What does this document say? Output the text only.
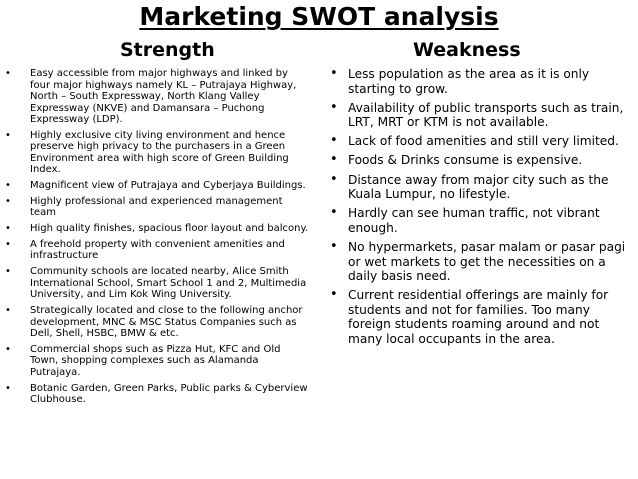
Marketing SWOT analysis
Strength	Weakness
• Easy accessible from major highways and linked by four major highways namely KL – Putrajaya Highway, North – South Expressway, North Klang Valley Expressway (NKVE) and Damansara – Puchong Expressway (LDP).
• Highly exclusive city living environment and hence preserve high privacy to the purchasers in a Green Environment area with high score of Green Building Index.
• Magnificent view of Putrajaya and Cyberjaya Buildings.
• Highly professional and experienced management team
• High quality finishes, spacious floor layout and balcony.
• A freehold property with convenient amenities and infrastructure
• Community schools are located nearby, Alice Smith International School, Smart School 1 and 2, Multimedia University, and Lim Kok Wing University.
• Strategically located and close to the following anchor development, MNC & MSC Status Companies such as Dell, Shell, HSBC, BMW & etc.
• Commercial shops such as Pizza Hut, KFC and Old Town, shopping complexes such as Alamanda Putrajaya.
• Botanic Garden, Green Parks, Public parks & Cyberview Clubhouse.
• Less population as the area as it is only starting to grow.
• Availability of public transports such as train, LRT, MRT or KTM is not available.
• Lack of food amenities and still very limited.
• Foods & Drinks consume is expensive.
• Distance away from major city such as the Kuala Lumpur, no lifestyle.
• Hardly can see human traffic, not vibrant enough.
• No hypermarkets, pasar malam or pasar pagi or wet markets to get the necessities on a daily basis need.
• Current residential offerings are mainly for students and not for families. Too many foreign students roaming around and not many local occupants in the area.
